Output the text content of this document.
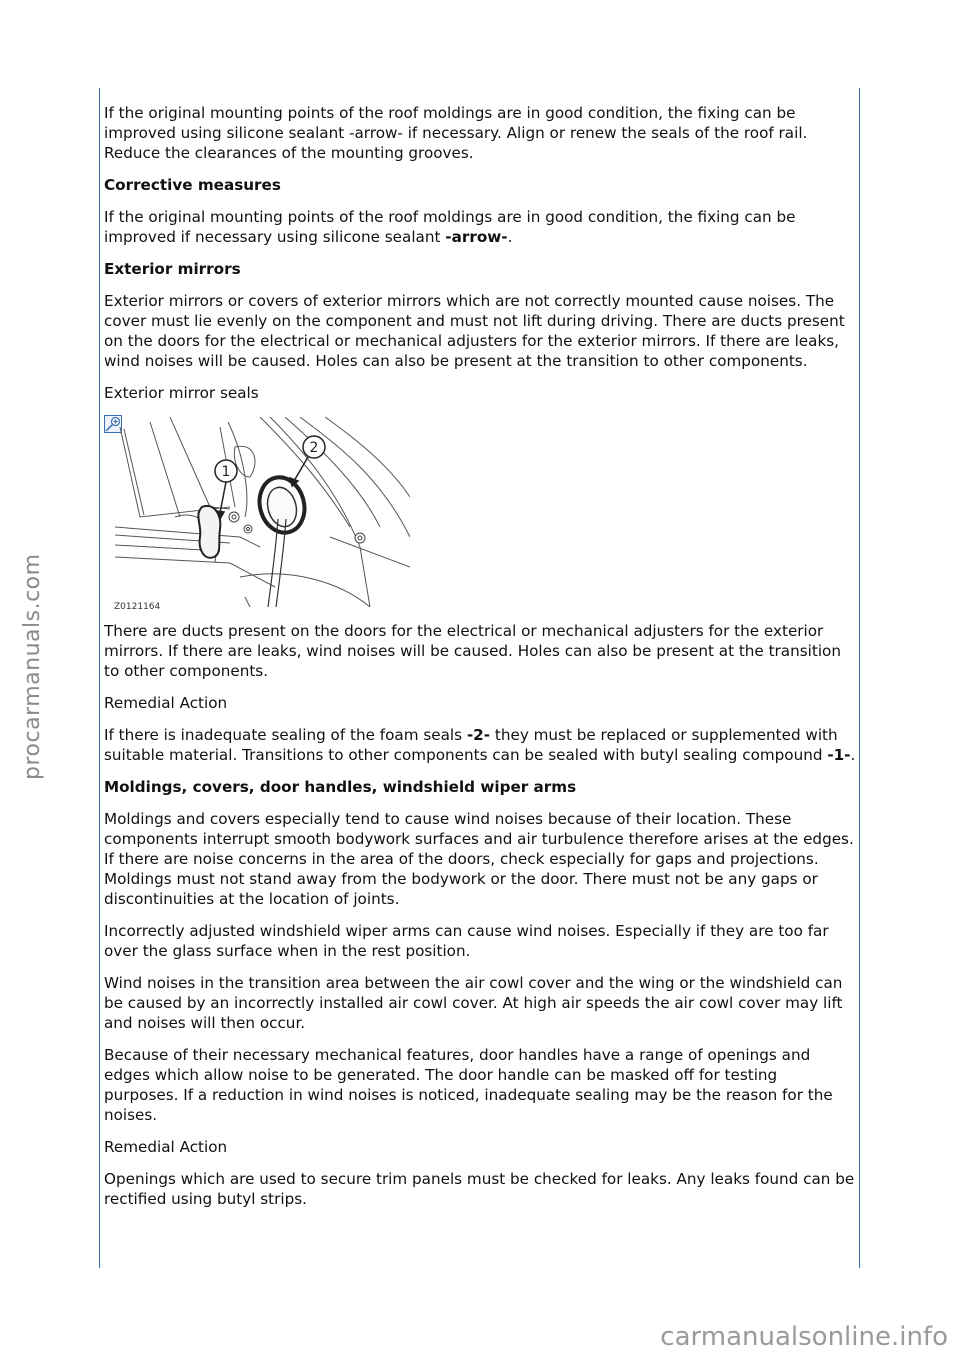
If the original mounting points of the roof moldings are in good condition, the fixing can be improved using silicone sealant -arrow- if necessary. Align or renew the seals of the roof rail. Reduce the clearances of the mounting grooves.

Corrective measures

If the original mounting points of the roof moldings are in good condition, the fixing can be improved if necessary using silicone sealant -arrow-.

Exterior mirrors

Exterior mirrors or covers of exterior mirrors which are not correctly mounted cause noises. The cover must lie evenly on the component and must not lift during driving. There are ducts present on the doors for the electrical or mechanical adjusters for the exterior mirrors. If there are leaks, wind noises will be caused. Holes can also be present at the transition to other components.

Exterior mirror seals

1
2
Z0121164

There are ducts present on the doors for the electrical or mechanical adjusters for the exterior mirrors. If there are leaks, wind noises will be caused. Holes can also be present at the transition to other components.

Remedial Action

If there is inadequate sealing of the foam seals -2- they must be replaced or supplemented with suitable material. Transitions to other components can be sealed with butyl sealing compound -1-.

Moldings, covers, door handles, windshield wiper arms

Moldings and covers especially tend to cause wind noises because of their location. These components interrupt smooth bodywork surfaces and air turbulence therefore arises at the edges. If there are noise concerns in the area of the doors, check especially for gaps and projections. Moldings must not stand away from the bodywork or the door. There must not be any gaps or discontinuities at the location of joints.

Incorrectly adjusted windshield wiper arms can cause wind noises. Especially if they are too far over the glass surface when in the rest position.

Wind noises in the transition area between the air cowl cover and the wing or the windshield can be caused by an incorrectly installed air cowl cover. At high air speeds the air cowl cover may lift and noises will then occur.

Because of their necessary mechanical features, door handles have a range of openings and edges which allow noise to be generated. The door handle can be masked off for testing purposes. If a reduction in wind noises is noticed, inadequate sealing may be the reason for the noises.

Remedial Action

Openings which are used to secure trim panels must be checked for leaks. Any leaks found can be rectified using butyl strips.

· · · · ·
procarmanuals.com
carmanualsonline.info
